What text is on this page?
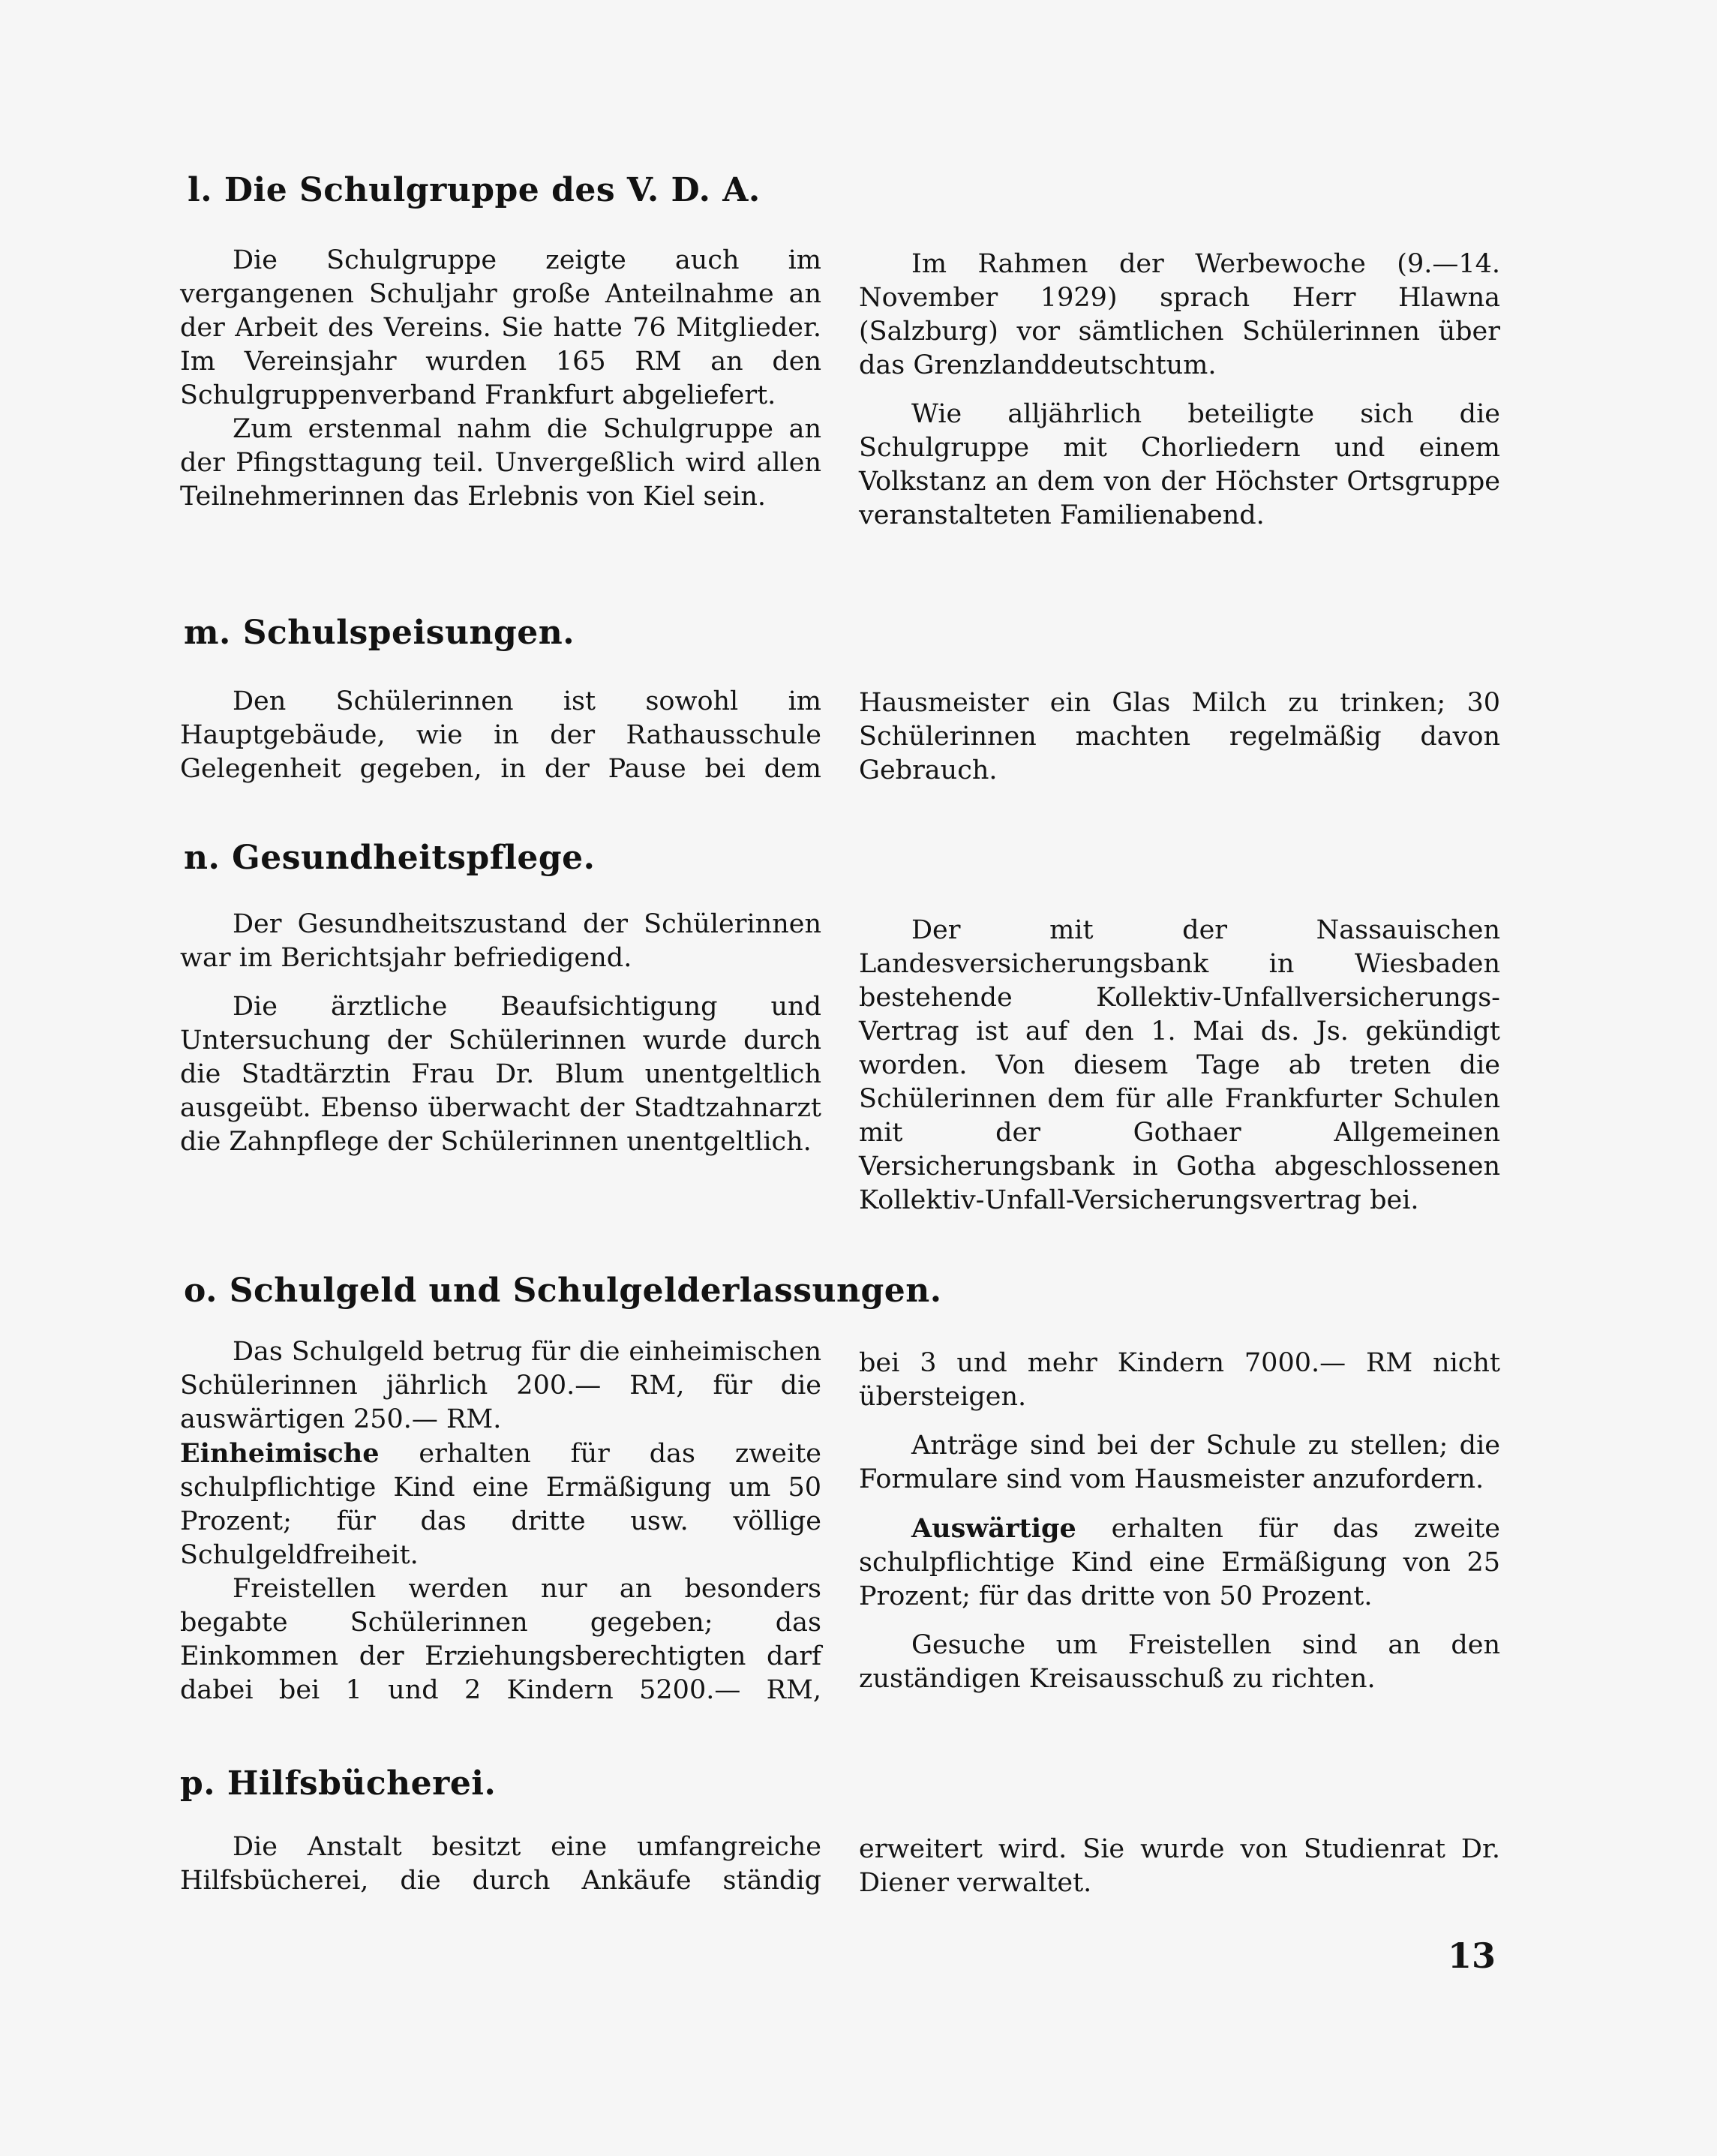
l. Die Schulgruppe des V. D. A.

Die Schulgruppe zeigte auch im vergangenen Schuljahr große Anteilnahme an der Arbeit des Vereins. Sie hatte 76 Mitglieder. Im Vereinsjahr wurden 165 RM an den Schulgruppenverband Frankfurt abgeliefert.

Zum erstenmal nahm die Schulgruppe an der Pfingsttagung teil. Unvergeßlich wird allen Teilnehmerinnen das Erlebnis von Kiel sein.

Im Rahmen der Werbewoche (9.—14. November 1929) sprach Herr Hlawna (Salzburg) vor sämtlichen Schülerinnen über das Grenzlanddeutschtum.

Wie alljährlich beteiligte sich die Schulgruppe mit Chorliedern und einem Volkstanz an dem von der Höchster Ortsgruppe veranstalteten Familienabend.

m. Schulspeisungen.

Den Schülerinnen ist sowohl im Hauptgebäude, wie in der Rathausschule Gelegenheit gegeben, in der Pause bei dem

Hausmeister ein Glas Milch zu trinken; 30 Schülerinnen machten regelmäßig davon Gebrauch.

n. Gesundheitspflege.

Der Gesundheitszustand der Schülerinnen war im Berichtsjahr befriedigend.

Die ärztliche Beaufsichtigung und Untersuchung der Schülerinnen wurde durch die Stadtärztin Frau Dr. Blum unentgeltlich ausgeübt. Ebenso überwacht der Stadtzahnarzt die Zahnpflege der Schülerinnen unentgeltlich.

Der mit der Nassauischen Landesversicherungsbank in Wiesbaden bestehende Kollektiv-Unfallversicherungs-Vertrag ist auf den 1. Mai ds. Js. gekündigt worden. Von diesem Tage ab treten die Schülerinnen dem für alle Frankfurter Schulen mit der Gothaer Allgemeinen Versicherungsbank in Gotha abgeschlossenen Kollektiv-Unfall-Versicherungsvertrag bei.

o. Schulgeld und Schulgelderlassungen.

Das Schulgeld betrug für die einheimischen Schülerinnen jährlich 200.— RM, für die auswärtigen 250.— RM.

Einheimische erhalten für das zweite schulpflichtige Kind eine Ermäßigung um 50 Prozent; für das dritte usw. völlige Schulgeldfreiheit.

Freistellen werden nur an besonders begabte Schülerinnen gegeben; das Einkommen der Erziehungsberechtigten darf dabei bei 1 und 2 Kindern 5200.— RM,

bei 3 und mehr Kindern 7000.— RM nicht übersteigen.

Anträge sind bei der Schule zu stellen; die Formulare sind vom Hausmeister anzufordern.

Auswärtige erhalten für das zweite schulpflichtige Kind eine Ermäßigung von 25 Prozent; für das dritte von 50 Prozent.

Gesuche um Freistellen sind an den zuständigen Kreisausschuß zu richten.

p. Hilfsbücherei.

Die Anstalt besitzt eine umfangreiche Hilfsbücherei, die durch Ankäufe ständig

erweitert wird. Sie wurde von Studienrat Dr. Diener verwaltet.

13
